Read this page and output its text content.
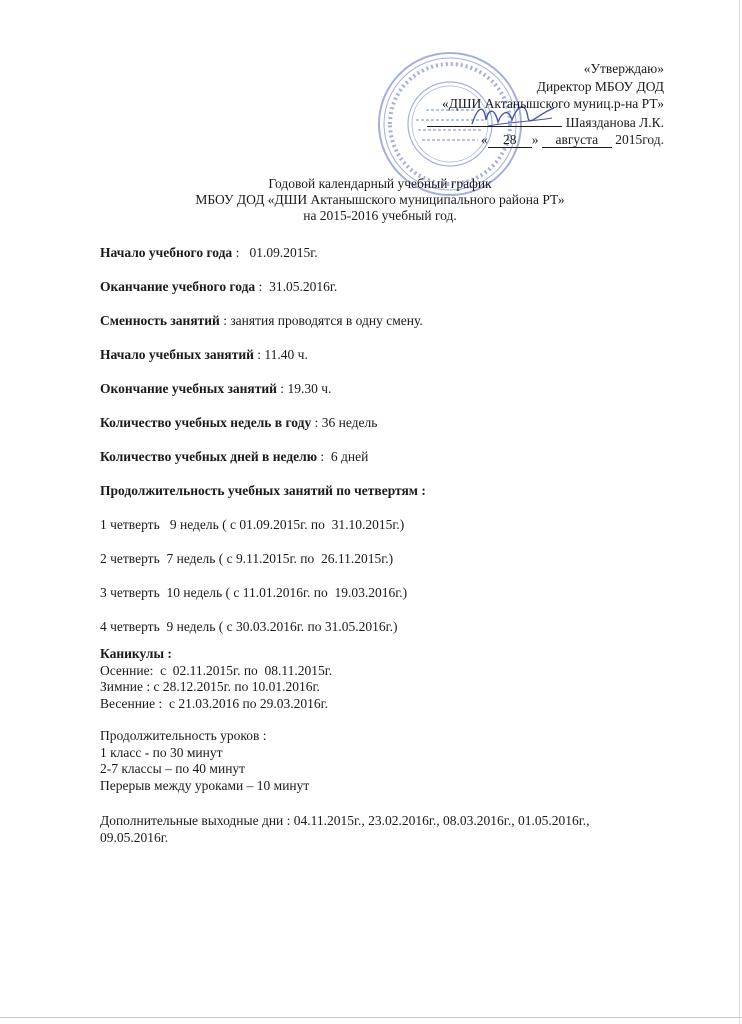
«Утверждаю»
Директор МБОУ ДОД
«ДШИ Актанышского муниц.р-на РТ»
Шаязданова Л.К.
« 28 » августа 2015год.
Годовой календарный учебный график
МБОУ ДОД «ДШИ Актанышского муниципального района РТ»
на 2015-2016 учебный год.
Начало учебного года :   01.09.2015г.
Оканчание учебного года :  31.05.2016г.
Сменность занятий : занятия проводятся в одну смену.
Начало учебных занятий : 11.40 ч.
Окончание учебных занятий : 19.30 ч.
Количество учебных недель в году : 36 недель
Количество учебных дней в неделю :  6 дней
Продолжительность учебных занятий по четвертям :
1 четверть   9 недель ( с 01.09.2015г. по  31.10.2015г.)
2 четверть  7 недель ( с 9.11.2015г. по  26.11.2015г.)
3 четверть  10 недель ( с 11.01.2016г. по  19.03.2016г.)
4 четверть  9 недель ( с 30.03.2016г. по 31.05.2016г.)
Каникулы :
Осенние:  с  02.11.2015г. по  08.11.2015г.
Зимние : с 28.12.2015г. по 10.01.2016г.
Весенние :  с 21.03.2016 по 29.03.2016г.
Продолжительность уроков :
1 класс - по 30 минут
2-7 классы – по 40 минут
Перерыв между уроками – 10 минут
Дополнительные выходные дни : 04.11.2015г., 23.02.2016г., 08.03.2016г., 01.05.2016г., 09.05.2016г.
